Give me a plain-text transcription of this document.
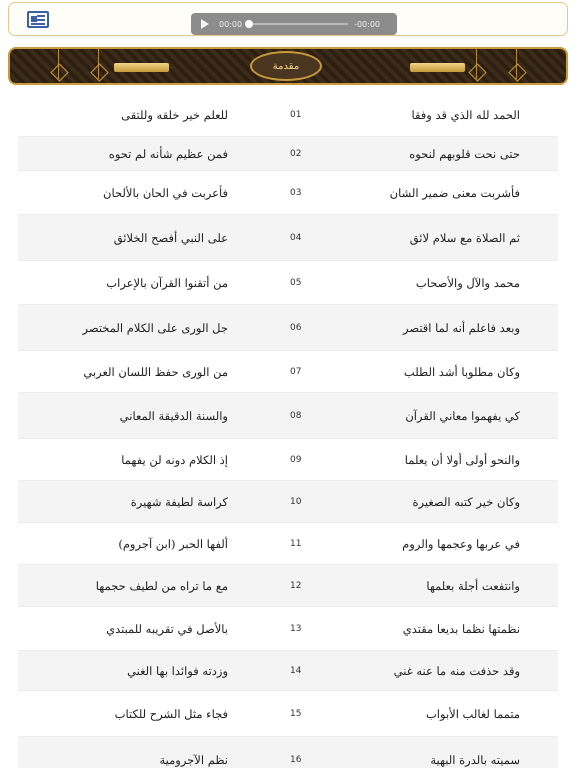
00:00	-00:00
مقدمة
الحمد لله الذي قد وفقا
01
للعلم خير خلقه وللتقى
حتى نحت قلوبهم لنحوه
02
فمن عظيم شأنه لم تحوه
فأشربت معنى ضمير الشان
03
فأعربت في الحان بالألحان
ثم الصلاة مع سلام لائق
04
على النبي أفصح الخلائق
محمد والآل والأصحاب
05
من أتقنوا القرآن بالإعراب
وبعد فاعلم أنه لما اقتصر
06
جل الورى على الكلام المختصر
وكان مطلوبا أشد الطلب
07
من الورى حفظ اللسان العربي
كي يفهموا معاني القرآن
08
والسنة الدقيقة المعاني
والنحو أولى أولا أن يعلما
09
إذ الكلام دونه لن يفهما
وكان خير كتبه الصغيرة
10
كراسة لطيفة شهيرة
في عربها وعجمها والروم
11
ألفها الحبر (ابن آجروم)
وانتفعت أجلة بعلمها
12
مع ما تراه من لطيف حجمها
نظمتها نظما بديعا مقتدي
13
بالأصل في تقريبه للمبتدي
وقد حذفت منه ما عنه غني
14
وزدته فوائدا بها الغني
متمما لغالب الأبواب
15
فجاء مثل الشرح للكتاب
سميته بالدرة البهية
16
نظم الآجرومية
